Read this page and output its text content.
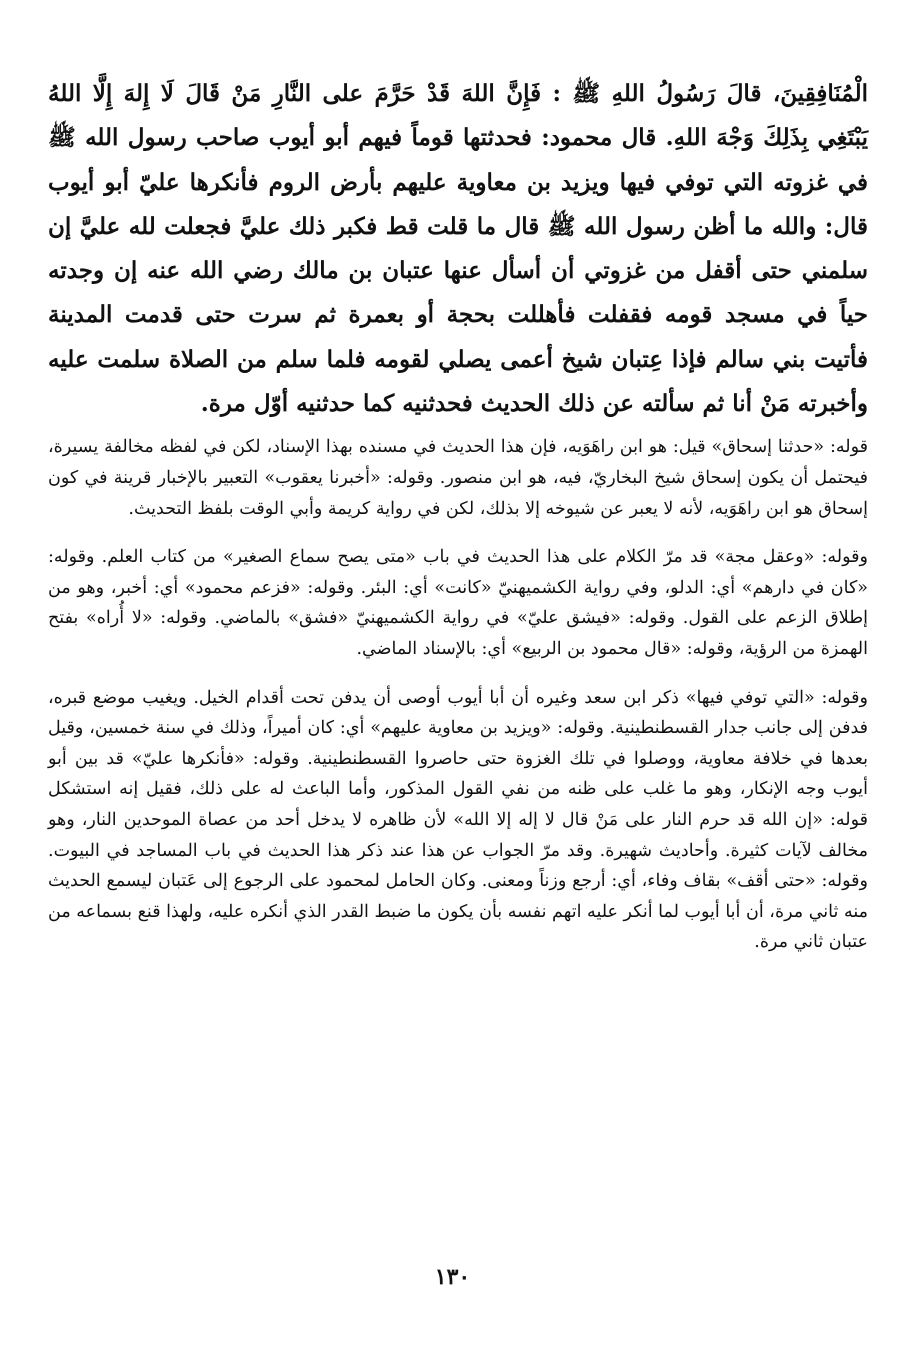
الْمُنَافِقِينَ، قالَ رَسُولُ اللهِ ﷺ : فَإِنَّ اللهَ قَدْ حَرَّمَ على النَّارِ مَنْ قَالَ لَا إِلهَ إِلَّا اللهُ يَبْتَغِي بِذَلِكَ وَجْهَ اللهِ. قال محمود: فحدثتها قوماً فيهم أبو أيوب صاحب رسول الله ﷺ في غزوته التي توفي فيها ويزيد بن معاوية عليهم بأرض الروم فأنكرها عليّ أبو أيوب قال: والله ما أظن رسول الله ﷺ قال ما قلت قط فكبر ذلك عليَّ فجعلت لله عليَّ إن سلمني حتى أقفل من غزوتي أن أسأل عنها عتبان بن مالك رضي الله عنه إن وجدته حياً في مسجد قومه فقفلت فأهللت بحجة أو بعمرة ثم سرت حتى قدمت المدينة فأتيت بني سالم فإذا عِتبان شيخ أعمى يصلي لقومه فلما سلم من الصلاة سلمت عليه وأخبرته مَنْ أنا ثم سألته عن ذلك الحديث فحدثنيه كما حدثنيه أوّل مرة.

قوله: «حدثنا إسحاق» قيل: هو ابن راهَوَيه، فإن هذا الحديث في مسنده بهذا الإسناد، لكن في لفظه مخالفة يسيرة، فيحتمل أن يكون إسحاق شيخ البخاريّ، فيه، هو ابن منصور. وقوله: «أخبرنا يعقوب» التعبير بالإخبار قرينة في كون إسحاق هو ابن راهَوَيه، لأنه لا يعبر عن شيوخه إلا بذلك، لكن في رواية كريمة وأبي الوقت بلفظ التحديث.

وقوله: «وعقل مجة» قد مرّ الكلام على هذا الحديث في باب «متى يصح سماع الصغير» من كتاب العلم. وقوله: «كان في دارهم» أي: الدلو، وفي رواية الكشميهنيّ «كانت» أي: البئر. وقوله: «فزعم محمود» أي: أخبر، وهو من إطلاق الزعم على القول. وقوله: «فيشق عليّ» في رواية الكشميهنيّ «فشق» بالماضي. وقوله: «لا أُراه» بفتح الهمزة من الرؤية، وقوله: «قال محمود بن الربيع» أي: بالإسناد الماضي.

وقوله: «التي توفي فيها» ذكر ابن سعد وغيره أن أبا أيوب أوصى أن يدفن تحت أقدام الخيل. ويغيب موضع قبره، فدفن إلى جانب جدار القسطنطينية. وقوله: «ويزيد بن معاوية عليهم» أي: كان أميراً، وذلك في سنة خمسين، وقيل بعدها في خلافة معاوية، ووصلوا في تلك الغزوة حتى حاصروا القسطنطينية. وقوله: «فأنكرها عليّ» قد بين أبو أيوب وجه الإنكار، وهو ما غلب على ظنه من نفي القول المذكور، وأما الباعث له على ذلك، فقيل إنه استشكل قوله: «إن الله قد حرم النار على مَنْ قال لا إله إلا الله» لأن ظاهره لا يدخل أحد من عصاة الموحدين النار، وهو مخالف لآيات كثيرة. وأحاديث شهيرة. وقد مرّ الجواب عن هذا عند ذكر هذا الحديث في باب المساجد في البيوت. وقوله: «حتى أقف» بقاف وفاء، أي: أرجع وزناً ومعنى. وكان الحامل لمحمود على الرجوع إلى عَتبان ليسمع الحديث منه ثاني مرة، أن أبا أيوب لما أنكر عليه اتهم نفسه بأن يكون ما ضبط القدر الذي أنكره عليه، ولهذا قنع بسماعه من عتبان ثاني مرة.

١٣٠
